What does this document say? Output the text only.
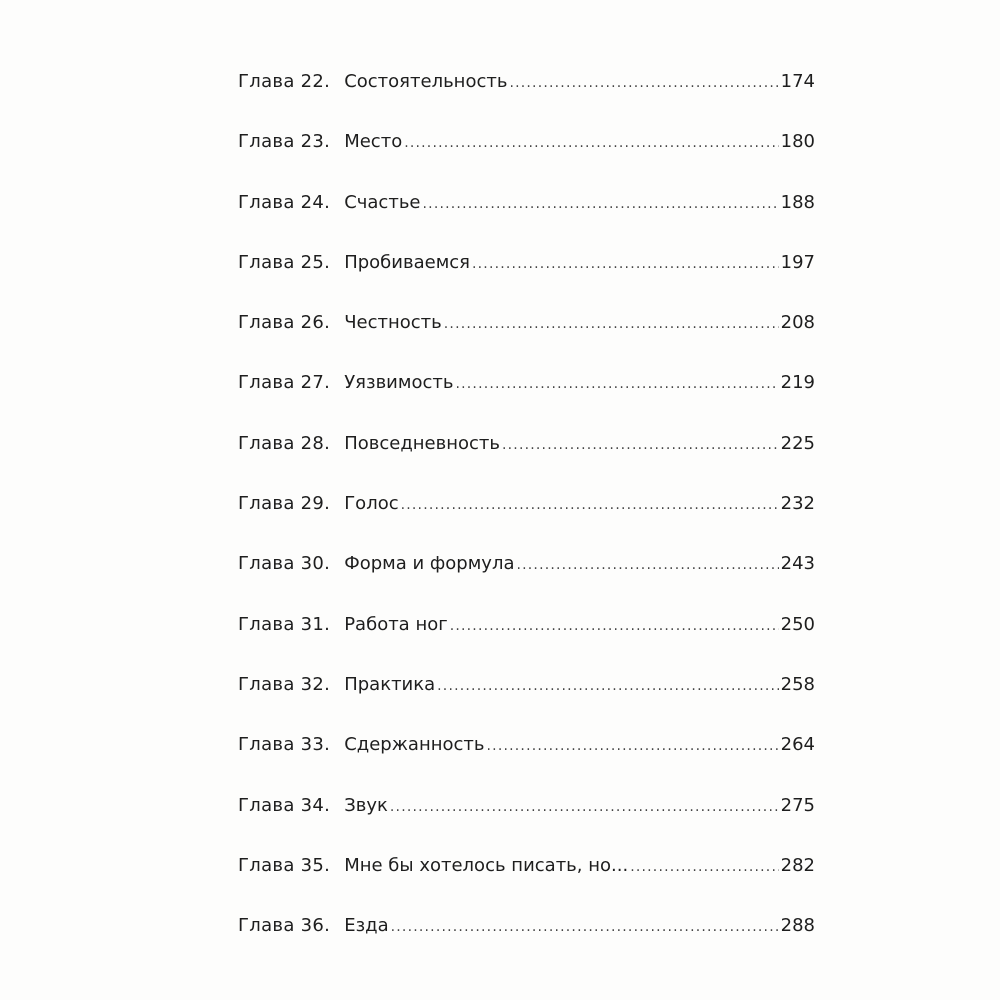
Глава 22. Состоятельность .....	174
Глава 23. Место .....	180
Глава 24. Счастье .....	188
Глава 25. Пробиваемся .....	197
Глава 26. Честность .....	208
Глава 27. Уязвимость .....	219
Глава 28. Повседневность .....	225
Глава 29. Голос .....	232
Глава 30. Форма и формула .....	243
Глава 31. Работа ног .....	250
Глава 32. Практика .....	258
Глава 33. Сдержанность .....	264
Глава 34. Звук .....	275
Глава 35. Мне бы хотелось писать, но... .....	282
Глава 36. Езда .....	288
